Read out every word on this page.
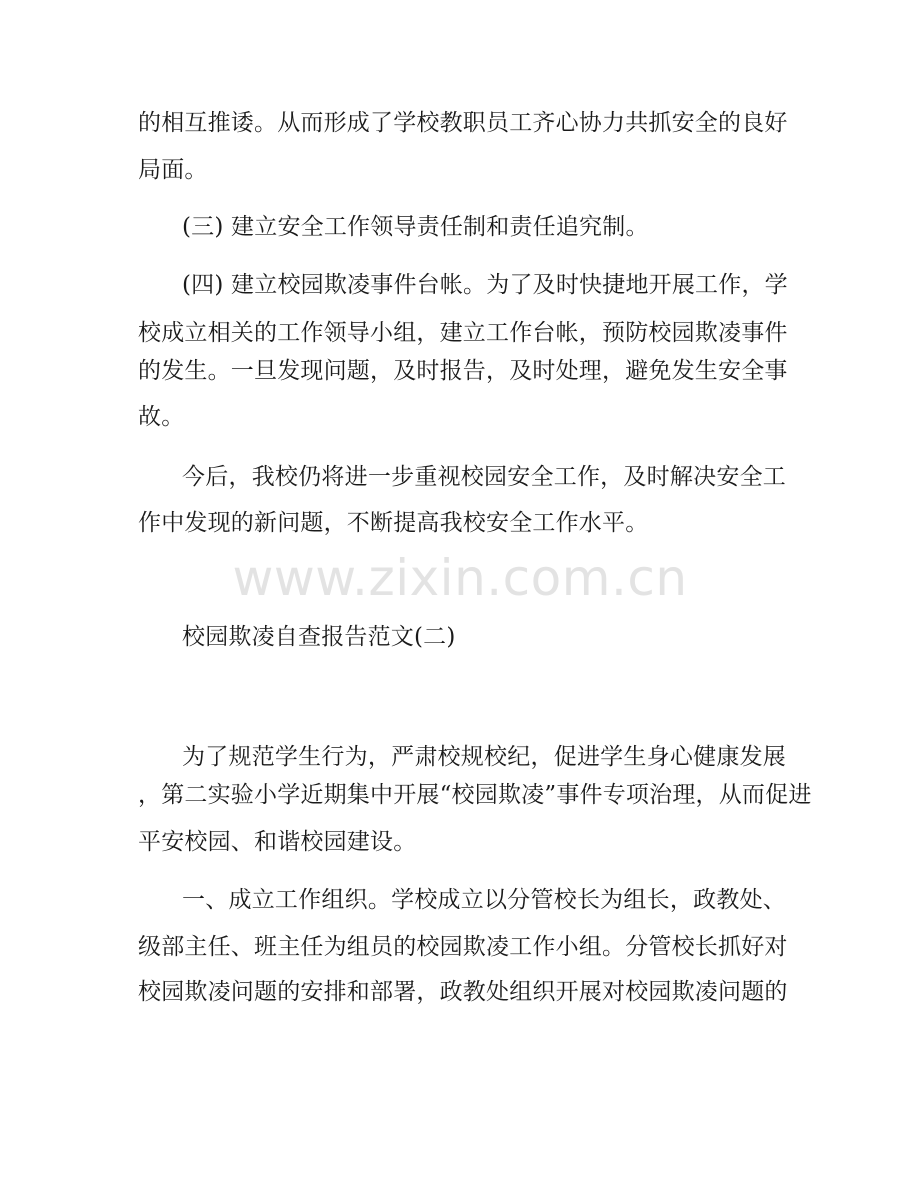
的相互推诿。从而形成了学校教职员工齐心协力共抓安全的良好
局面。
(三) 建立安全工作领导责任制和责任追究制。
(四) 建立校园欺凌事件台帐。为了及时快捷地开展工作，学
校成立相关的工作领导小组，建立工作台帐，预防校园欺凌事件
的发生。一旦发现问题，及时报告，及时处理，避免发生安全事
故。
今后，我校仍将进一步重视校园安全工作，及时解决安全工
作中发现的新问题，不断提高我校安全工作水平。
www.zixin.com.cn
校园欺凌自查报告范文(二)
为了规范学生行为，严肃校规校纪，促进学生身心健康发展
，第二实验小学近期集中开展“校园欺凌”事件专项治理，从而促进
平安校园、和谐校园建设。
一、成立工作组织。学校成立以分管校长为组长，政教处、
级部主任、班主任为组员的校园欺凌工作小组。分管校长抓好对
校园欺凌问题的安排和部署，政教处组织开展对校园欺凌问题的
